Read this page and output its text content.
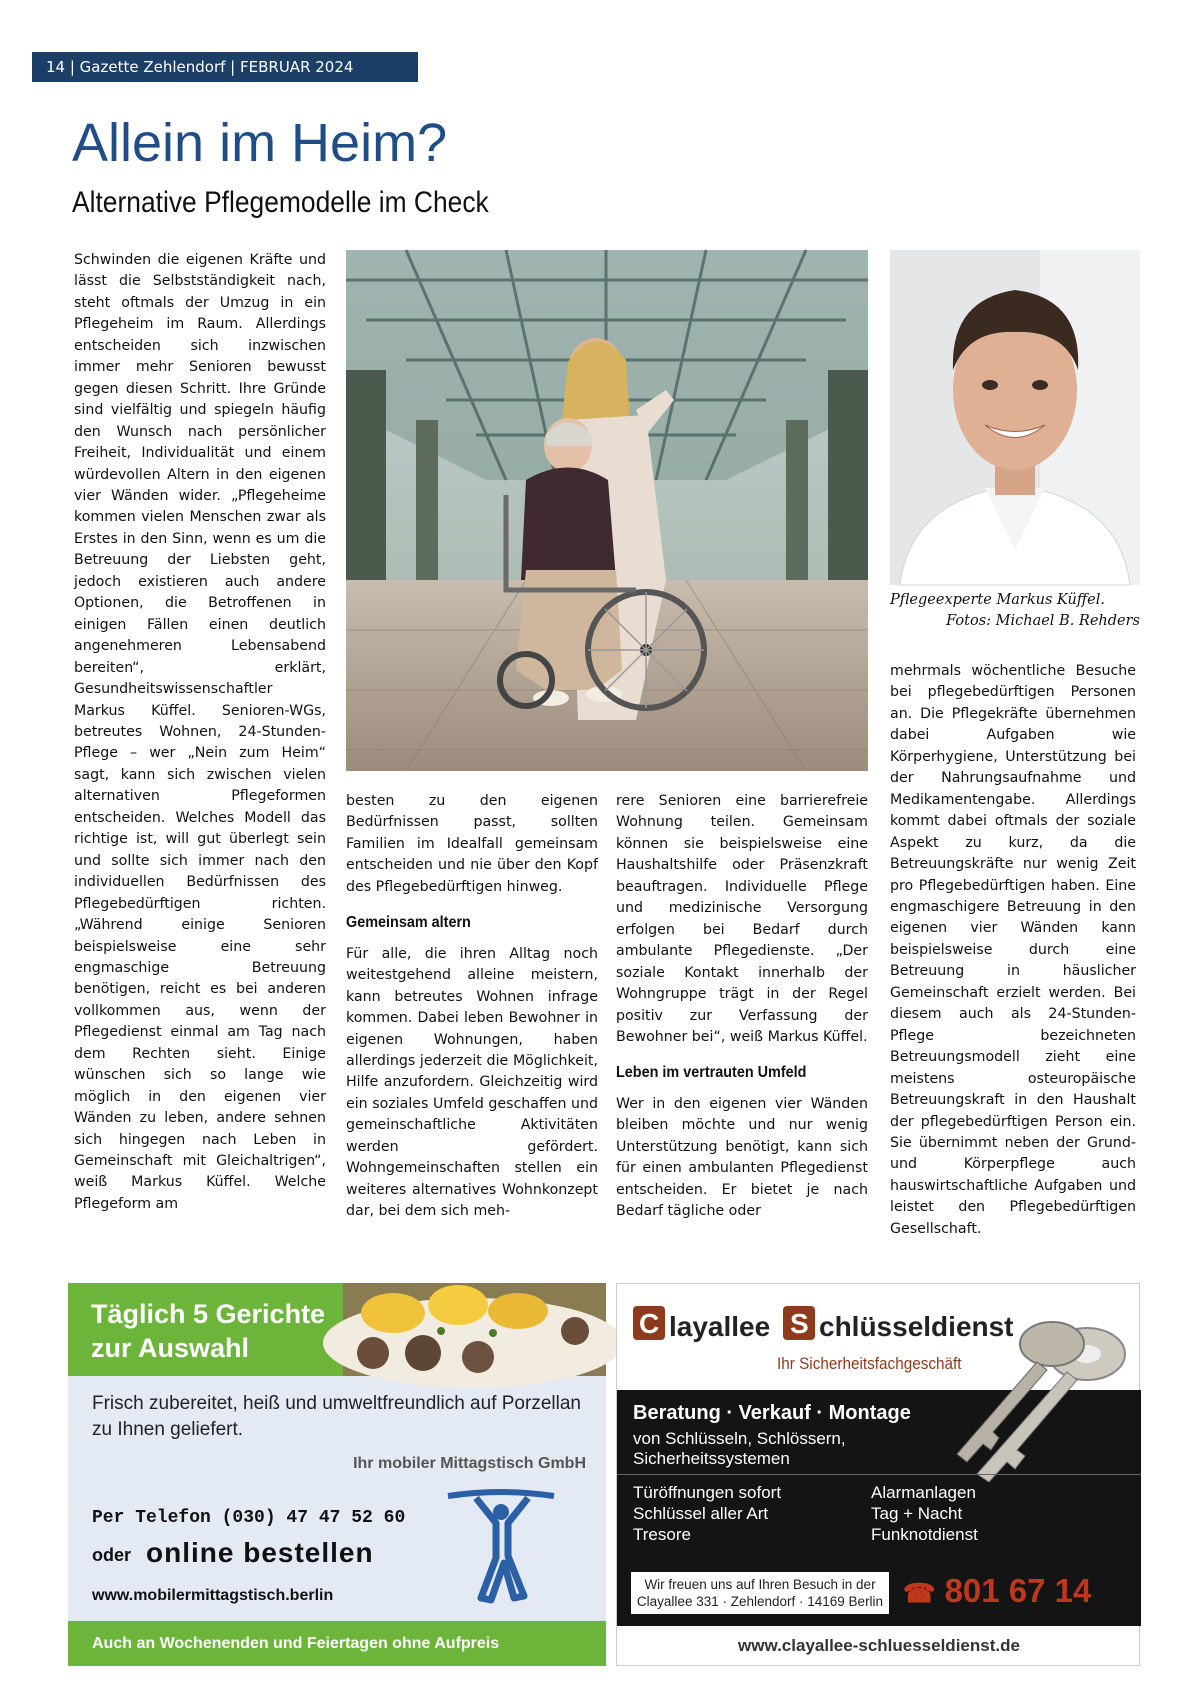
14 | Gazette Zehlendorf | FEBRUAR 2024
Allein im Heim?
Alternative Pflegemodelle im Check

Schwinden die eigenen Kräfte und lässt die Selbstständigkeit nach, steht oftmals der Umzug in ein Pflegeheim im Raum. Allerdings entscheiden sich inzwischen immer mehr Senioren bewusst gegen diesen Schritt. Ihre Gründe sind vielfältig und spiegeln häufig den Wunsch nach persönlicher Freiheit, Individualität und einem würdevollen Altern in den eigenen vier Wänden wider. „Pflegeheime kommen vielen Menschen zwar als Erstes in den Sinn, wenn es um die Betreuung der Liebsten geht, jedoch existieren auch andere Optionen, die Betroffenen in einigen Fällen einen deutlich angenehmeren Lebensabend bereiten“, erklärt, Gesundheitswissenschaftler Markus Küffel. Senioren-WGs, betreutes Wohnen, 24-Stunden-Pflege – wer „Nein zum Heim“ sagt, kann sich zwischen vielen alternativen Pflegeformen entscheiden. Welches Modell das richtige ist, will gut überlegt sein und sollte sich immer nach den individuellen Bedürfnissen des Pflegebedürftigen richten. „Während einige Senioren beispielsweise eine sehr engmaschige Betreuung benötigen, reicht es bei anderen vollkommen aus, wenn der Pflegedienst einmal am Tag nach dem Rechten sieht. Einige wünschen sich so lange wie möglich in den eigenen vier Wänden zu leben, andere sehnen sich hingegen nach Leben in Gemeinschaft mit Gleichaltrigen“, weiß Markus Küffel. Welche Pflegeform am

Pflegeexperte Markus Küffel.
Fotos: Michael B. Rehders

besten zu den eigenen Bedürfnissen passt, sollten Familien im Idealfall gemeinsam entscheiden und nie über den Kopf des Pflegebedürftigen hinweg.

Gemeinsam altern

Für alle, die ihren Alltag noch weitestgehend alleine meistern, kann betreutes Wohnen infrage kommen. Dabei leben Bewohner in eigenen Wohnungen, haben allerdings jederzeit die Möglichkeit, Hilfe anzufordern. Gleichzeitig wird ein soziales Umfeld geschaffen und gemeinschaftliche Aktivitäten werden gefördert. Wohngemeinschaften stellen ein weiteres alternatives Wohnkonzept dar, bei dem sich meh-

rere Senioren eine barrierefreie Wohnung teilen. Gemeinsam können sie beispielsweise eine Haushaltshilfe oder Präsenzkraft beauftragen. Individuelle Pflege und medizinische Versorgung erfolgen bei Bedarf durch ambulante Pflegedienste. „Der soziale Kontakt innerhalb der Wohngruppe trägt in der Regel positiv zur Verfassung der Bewohner bei“, weiß Markus Küffel.

Leben im vertrauten Umfeld

Wer in den eigenen vier Wänden bleiben möchte und nur wenig Unterstützung benötigt, kann sich für einen ambulanten Pflegedienst entscheiden. Er bietet je nach Bedarf tägliche oder

mehrmals wöchentliche Besuche bei pflegebedürftigen Personen an. Die Pflegekräfte übernehmen dabei Aufgaben wie Körperhygiene, Unterstützung bei der Nahrungsaufnahme und Medikamentengabe. Allerdings kommt dabei oftmals der soziale Aspekt zu kurz, da die Betreuungskräfte nur wenig Zeit pro Pflegebedürftigen haben. Eine engmaschigere Betreuung in den eigenen vier Wänden kann beispielsweise durch eine Betreuung in häuslicher Gemeinschaft erzielt werden. Bei diesem auch als 24-Stunden-Pflege bezeichneten Betreuungsmodell zieht eine meistens osteuropäische Betreuungskraft in den Haushalt der pflegebedürftigen Person ein. Sie übernimmt neben der Grund- und Körperpflege auch hauswirtschaftliche Aufgaben und leistet den Pflegebedürftigen Gesellschaft.

Täglich 5 Gerichte zur Auswahl
Frisch zubereitet, heiß und umweltfreundlich auf Porzellan zu Ihnen geliefert.
Ihr mobiler Mittagstisch GmbH
Per Telefon (030) 47 47 52 60
oder online bestellen
www.mobilermittagstisch.berlin
Auch an Wochenenden und Feiertagen ohne Aufpreis
C layallee S chlüsseldienst
Ihr Sicherheitsfachgeschäft
Beratung · Verkauf · Montage
von Schlüsseln, Schlössern, Sicherheitssystemen
Türöffnungen sofort
Schlüssel aller Art
Tresore
Alarmanlagen
Tag + Nacht
Funknotdienst
Wir freuen uns auf Ihren Besuch in der
Clayallee 331 · Zehlendorf · 14169 Berlin ☎ 801 67 14
www.clayallee-schluesseldienst.de
